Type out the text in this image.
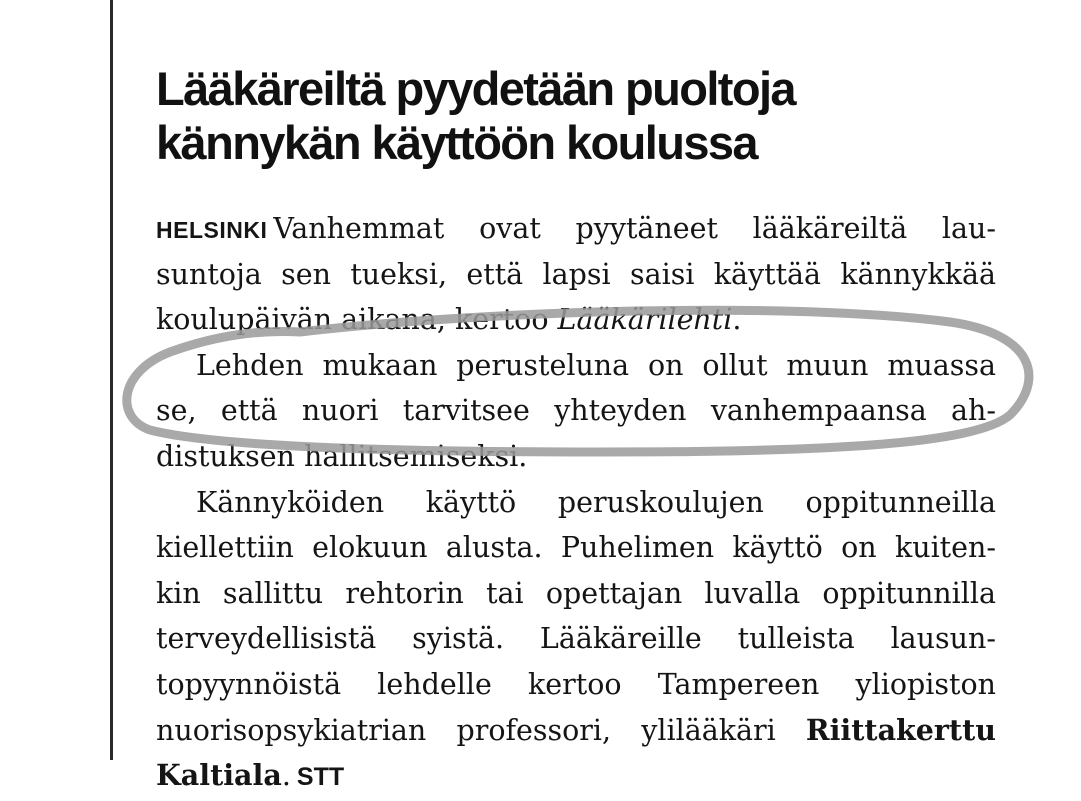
Lääkäreiltä pyydetään puoltoja
kännykän käyttöön koulussa
HELSINKI Vanhemmat ovat pyytäneet lääkäreiltä lau-
suntoja sen tueksi, että lapsi saisi käyttää kännykkää
koulupäivän aikana, kertoo Lääkärilehti.
Lehden mukaan perusteluna on ollut muun muassa
se, että nuori tarvitsee yhteyden vanhempaansa ah-
distuksen hallitsemiseksi.
Kännyköiden käyttö peruskoulujen oppitunneilla
kiellettiin elokuun alusta. Puhelimen käyttö on kuiten-
kin sallittu rehtorin tai opettajan luvalla oppitunnilla
terveydellisistä syistä. Lääkäreille tulleista lausun-
topyynnöistä lehdelle kertoo Tampereen yliopiston
nuorisopsykiatrian professori, ylilääkäri Riittakerttu
Kaltiala. STT
